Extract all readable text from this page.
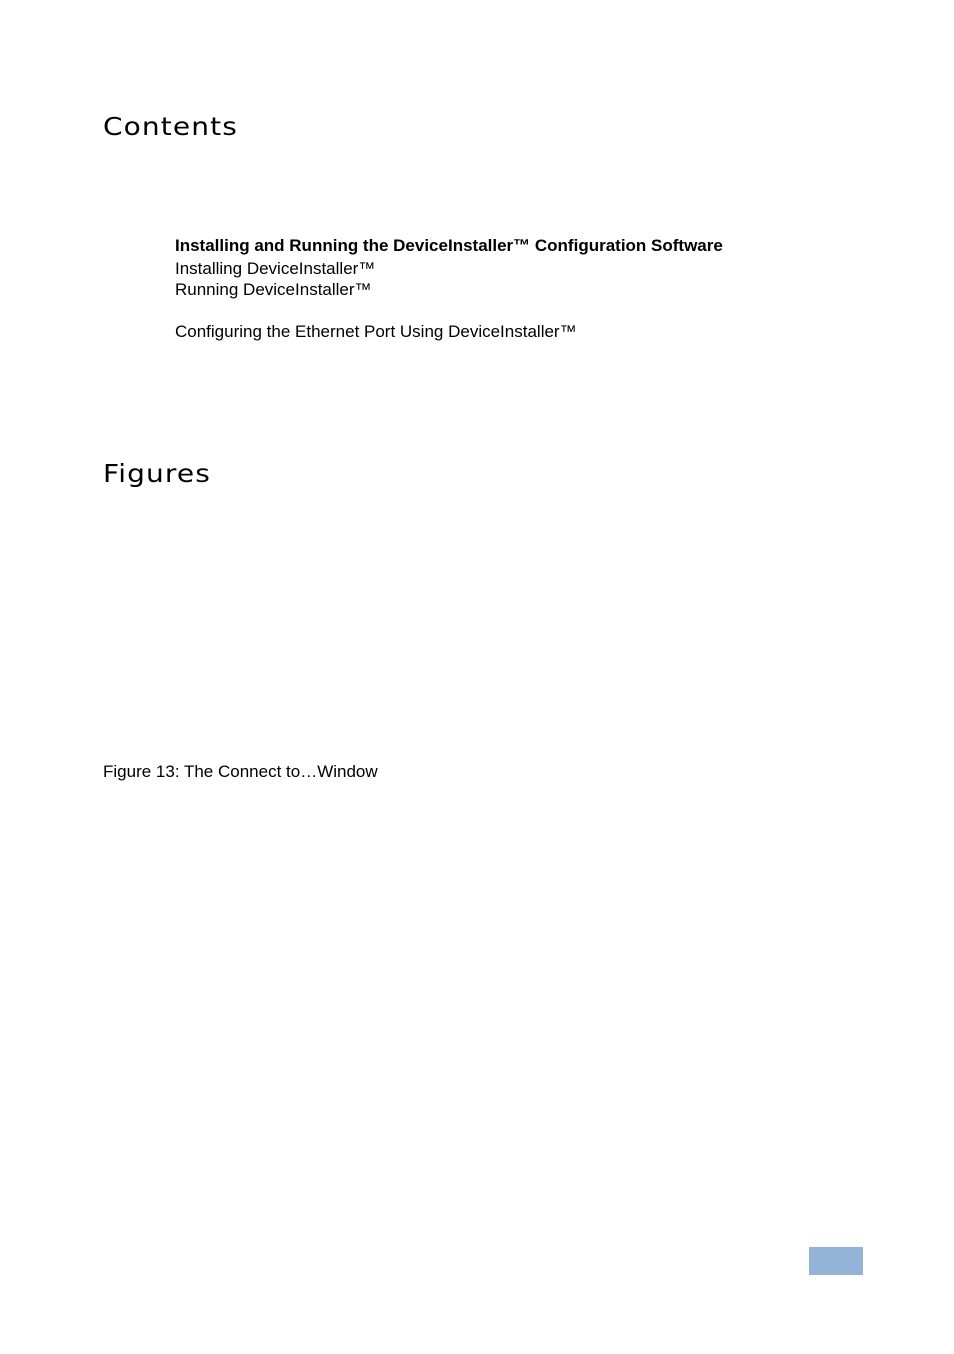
Contents
Installing and Running the DeviceInstaller™ Configuration Software
Installing DeviceInstaller™
Running DeviceInstaller™
Configuring the Ethernet Port Using DeviceInstaller™
Figures
Figure 13: The Connect to…Window
